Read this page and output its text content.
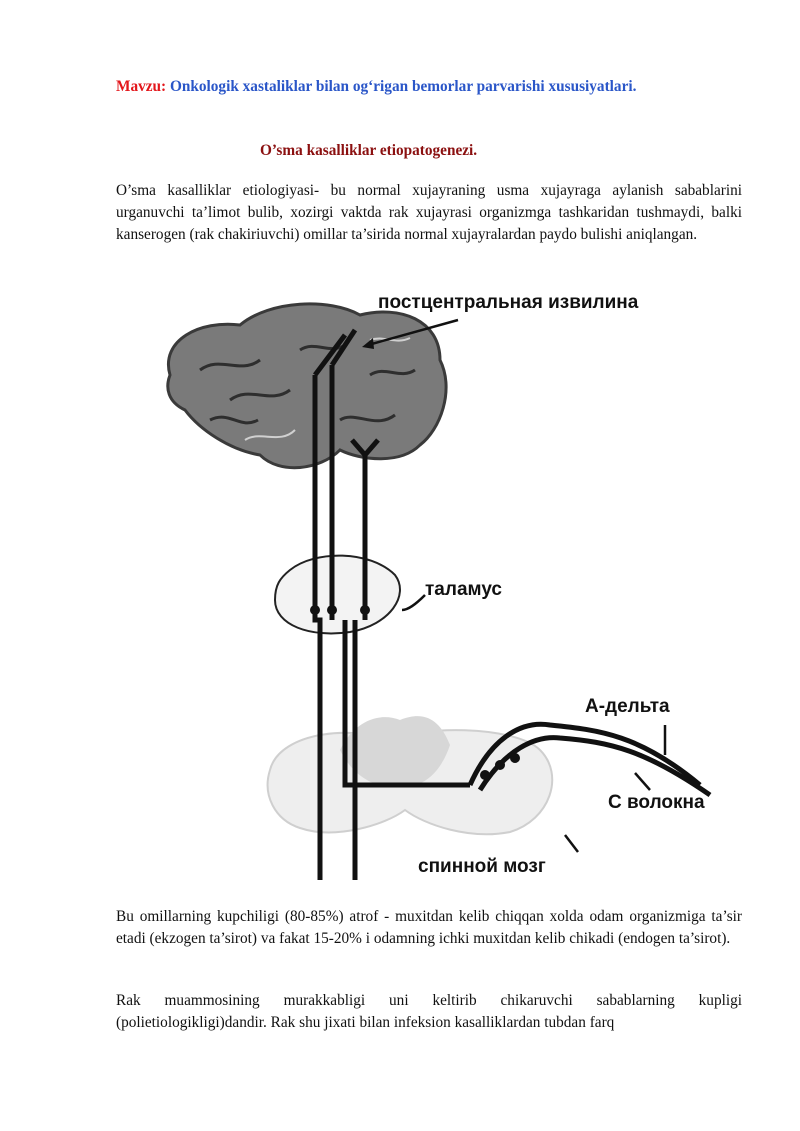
Mavzu: Onkologik xastaliklar bilan og‘rigan bemorlar parvarishi xususiyatlari.
O’sma kasalliklar etiopatogenezi.
O’sma kasalliklar etiologiyasi- bu normal xujayraning usma xujayraga aylanish sabablarini urganuvchi ta’limot bulib, xozirgi vaktda rak xujayrasi organizmga tashkaridan tushmaydi, balki kanserogen (rak chakiriuvchi) omillar ta’sirida normal xujayralardan paydo bulishi aniqlangan.
постцентральная извилина
таламус
А-дельта
С волокна
спинной мозг
Bu omillarning kupchiligi (80-85%) atrof - muxitdan kelib chiqqan xolda odam organizmiga ta’sir etadi (ekzogen ta’sirot) va fakat 15-20% i odamning ichki muxitdan kelib chikadi (endogen ta’sirot).
Rak muammosining murakkabligi uni keltirib chikaruvchi sabablarning kupligi (polietiologikligi)dandir. Rak shu jixati bilan infeksion kasalliklardan tubdan farq
